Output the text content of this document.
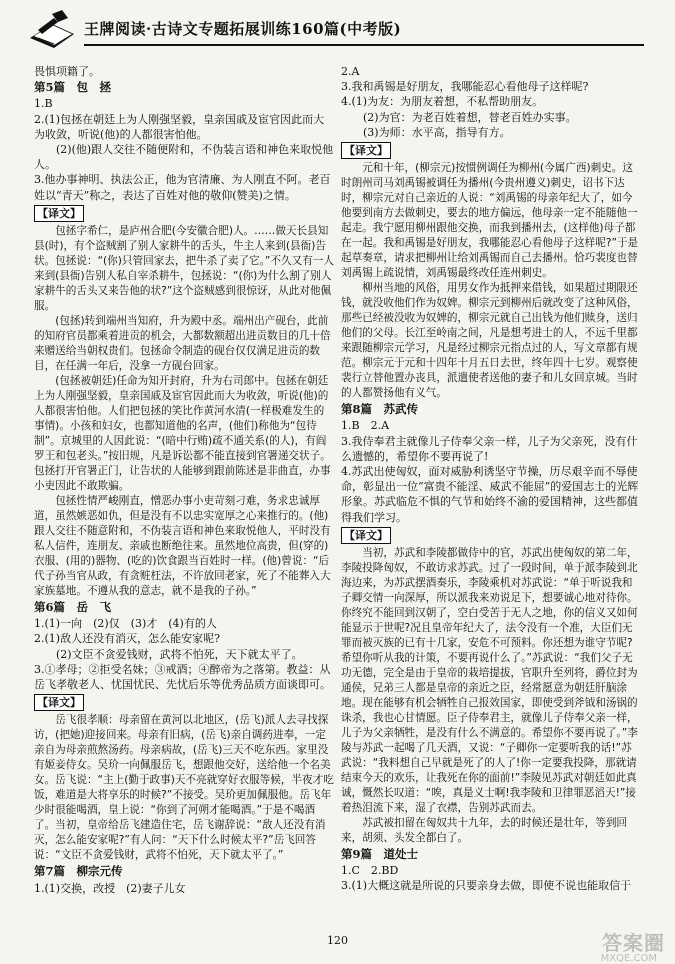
王牌阅读·古诗文专题拓展训练160篇(中考版)

畏惧项籍了。

第5篇　包　拯

1.B

2.(1)包拯在朝廷上为人刚强坚毅，皇亲国戚及宦官因此而大为收敛，听说(他)的人都很害怕他。

(2)(他)跟人交往不随便附和，不伪装言语和神色来取悦他人。

3.他办事神明、执法公正，他为官清廉、为人刚直不阿。老百姓以“青天”称之，表达了百姓对他的敬仰(赞美)之情。

【译文】

包拯字希仁，是庐州合肥(今安徽合肥)人。……做天长县知县(时)，有个盗贼割了别人家耕牛的舌头，牛主人来到(县衙)告状。包拯说：“(你)只管回家去，把牛杀了卖了它。”不久又有一人来到(县衙)告别人私自宰杀耕牛，包拯说：“(你)为什么割了别人家耕牛的舌头又来告他的状?”这个盗贼感到很惊讶，从此对他佩服。

(包拯)转到端州当知府，升为殿中丞。端州出产砚台，此前的知府官员都乘着进贡的机会，大都数额超出进贡数目的几十倍来赠送给当朝权贵们。包拯命令制造的砚台仅仅满足进贡的数目，在任满一年后，没拿一方砚台回家。

(包拯被朝廷)任命为知开封府，升为右司郎中。包拯在朝廷上为人刚强坚毅，皇亲国戚及宦官因此而大为收敛，听说(他)的人都很害怕他。人们把包拯的笑比作黄河水清(一样极难发生的事情)。小孩和妇女，也都知道他的名声，(他们)称他为“包待制”。京城里的人因此说：“(暗中行贿)疏不通关系(的人)，有阎罗王和包老头。”按旧规，凡是诉讼都不能直接到官署递交状子。包拯打开官署正门，让告状的人能够到跟前陈述是非曲直，办事小吏因此不敢欺骗。

包拯性情严峻刚直，憎恶办事小吏苛刻刁难，务求忠诚厚道，虽然嫉恶如仇，但是没有不以忠实宽厚之心来推行的。(他)跟人交往不随意附和，不伪装言语和神色来取悦他人，平时没有私人信件，连朋友、亲戚也断绝往来。虽然地位高贵，但(穿的)衣服、(用的)器物、(吃的)饮食跟当百姓时一样。(他)曾说：“后代子孙当官从政，有贪赃枉法，不许放回老家，死了不能葬入大家族墓地。不遵从我的意志，就不是我的子孙。”

第6篇　岳　飞

1.(1)一向　(2)仅　(3)才　(4)有的人

2.(1)敌人还没有消灭，怎么能安家呢?

(2)文臣不贪爱钱财，武将不怕死，天下就太平了。

3.①孝母；②拒受名妹；③戒酒；④醉帝为之落第。教益：从岳飞孝敬老人、忧国忧民、先忧后乐等优秀品质方面谈即可。

【译文】

岳飞很孝顺：母亲留在黄河以北地区，(岳飞)派人去寻找探访，(把她)迎接回来。母亲有旧病，(岳飞)亲自调药进奉，一定亲自为母亲煎熬汤药。母亲病故，(岳飞)三天不吃东西。家里没有姬妾侍女。吴玠一向佩服岳飞，想跟他交好，送给他一个名美女。岳飞说：“主上(勤于政事)天不亮就穿好衣服等候，半夜才吃饭，难道是大将享乐的时候?”不接受。吴玠更加佩服他。岳飞年少时很能喝酒，皇上说：“你到了河朔才能喝酒。”于是不喝酒了。当初，皇帝给岳飞建造住宅，岳飞谢辞说：“敌人还没有消灭，怎么能安家呢?”有人问：“天下什么时候太平?”岳飞回答说：“文臣不贪爱钱财，武将不怕死，天下就太平了。”

第7篇　柳宗元传

1.(1)交换，改授　(2)妻子儿女

2.A

3.我和禹锡是好朋友，我哪能忍心看他母子这样呢?

4.(1)为友：为朋友着想，不私帮助朋友。

(2)为官：为老百姓着想，替老百姓办实事。

(3)为师：水平高，指导有方。

【译文】

元和十年，(柳宗元)按惯例调任为柳州(今属广西)刺史。这时朗州司马刘禹锡被调任为播州(今贵州遵义)刺史，诏书下达时，柳宗元对自己亲近的人说：“刘禹锡的母亲年纪大了，如今他要到南方去做刺史，要去的地方偏远，他母亲一定不能随他一起走。我宁愿用柳州跟他交换，而我到播州去，(这样他)母子都在一起。我和禹锡是好朋友，我哪能忍心看他母子这样呢?”于是起草奏章，请求把柳州让给刘禹锡而自己去播州。恰巧裴度也替刘禹锡上疏说情，刘禹锡最终改任连州刺史。

柳州当地的风俗，用男女作为抵押来借钱，如果超过期限还钱，就没收他们作为奴婢。柳宗元到柳州后就改变了这种风俗，那些已经被没收为奴婢的，柳宗元就自己出钱为他们赎身，送归他们的父母。长江至岭南之间，凡是想考进士的人，不远千里都来跟随柳宗元学习，凡是经过柳宗元指点过的人，写文章都有规范。柳宗元于元和十四年十月五日去世，终年四十七岁。观察使裴行立替他置办丧具，派遣使者送他的妻子和儿女回京城。当时的人都赞扬他有义气。

第8篇　苏武传

1.B　2.A

3.我侍奉君主就像儿子侍奉父亲一样，儿子为父亲死，没有什么遗憾的，希望你不要再说了!

4.苏武出使匈奴，面对威胁利诱坚守节操，历尽艰辛而不辱使命，彰显出一位“富贵不能淫、威武不能屈”的爱国志士的光辉形象。苏武临危不惧的气节和始终不渝的爱国精神，这些都值得我们学习。

【译文】

当初，苏武和李陵都做侍中的官，苏武出使匈奴的第二年，李陵投降匈奴，不敢访求苏武。过了一段时间，单于派李陵到北海边来，为苏武摆酒奏乐，李陵乘机对苏武说：“单于听说我和子卿交情一向深厚，所以派我来劝说足下，想要诚心地对待你。你终究不能回到汉朝了，空白受苦于无人之地，你的信义又如何能显示于世呢?况且皇帝年纪大了，法令没有一个准，大臣们无罪而被灭族的已有十几家，安危不可预料。你还想为谁守节呢?希望你听从我的计策，不要再说什么了。”苏武说：“我们父子无功无德，完全是由于皇帝的栽培提拔，官职升至列将，爵位封为通侯，兄弟三人都是皇帝的亲近之臣，经常愿意为朝廷肝脑涂地。现在能够有机会牺牲自己报效国家，即使受到斧钺和汤锅的诛杀，我也心甘情愿。臣子侍奉君主，就像儿子侍奉父亲一样，儿子为父亲牺牲，是没有什么不满意的。希望你不要再说了。”李陵与苏武一起喝了几天酒，又说：“子卿你一定要听我的话!”苏武说：“我料想自己早就是死了的人了!你一定要我投降，那就请结束今天的欢乐，让我死在你的面前!”李陵见苏武对朝廷如此真诚，慨然长叹道：“唉，真是义士啊!我李陵和卫律罪恶滔天!”接着热泪流下来，湿了衣襟，告别苏武而去。

苏武被扣留在匈奴共十九年，去的时候还是壮年，等到回来，胡须、头发全都白了。

第9篇　道处士

1.C　2.BD

3.(1)大概这就是所说的只要亲身去做，即使不说也能取信于

120	答案圈
MXQE.COM
